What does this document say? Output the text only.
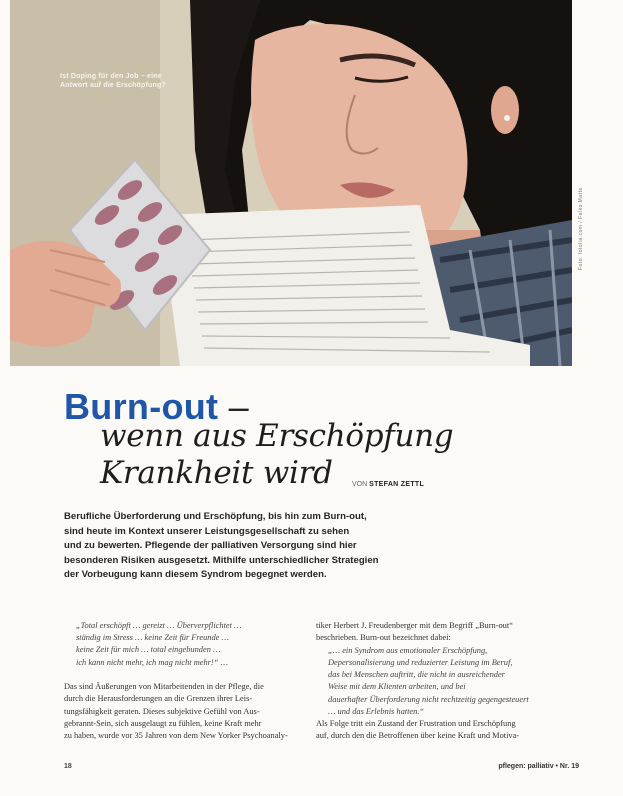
Ist Doping für den Job – eine Antwort auf die Erschöpfung?
Foto: fotolia.com / Falko Matte
Burn-out –
wenn aus Erschöpfung
Krankheit wird	VON STEFAN ZETTL
Berufliche Überforderung und Erschöpfung, bis hin zum Burn-out,
sind heute im Kontext unserer Leistungsgesellschaft zu sehen
und zu bewerten. Pflegende der palliativen Versorgung sind hier
besonderen Risiken ausgesetzt. Mithilfe unterschiedlicher Strategien
der Vorbeugung kann diesem Syndrom begegnet werden.
„Total erschöpft … gereizt … Überverpflichtet …
ständig im Stress … keine Zeit für Freunde …
keine Zeit für mich … total eingebunden …
ich kann nicht mehr, ich mag nicht mehr!“ …
Das sind Äußerungen von Mitarbeitenden in der Pflege, die
durch die Herausforderungen an die Grenzen ihrer Leis-
tungsfähigkeit geraten. Dieses subjektive Gefühl von Aus-
gebrannt-Sein, sich ausgelaugt zu fühlen, keine Kraft mehr
zu haben, wurde vor 35 Jahren von dem New Yorker Psychoanaly-
tiker Herbert J. Freudenberger mit dem Begriff „Burn-out“
beschrieben. Burn-out bezeichnet dabei:
„… ein Syndrom aus emotionaler Erschöpfung,
Depersonalisierung und reduzierter Leistung im Beruf,
das bei Menschen auftritt, die nicht in ausreichender
Weise mit dem Klienten arbeiten, und bei
dauerhafter Überforderung nicht rechtzeitig gegengesteuert
… und das Erlebnis hatten.“
Als Folge tritt ein Zustand der Frustration und Erschöpfung
auf, durch den die Betroffenen über keine Kraft und Motiva-
18	pflegen: palliativ • Nr. 19
